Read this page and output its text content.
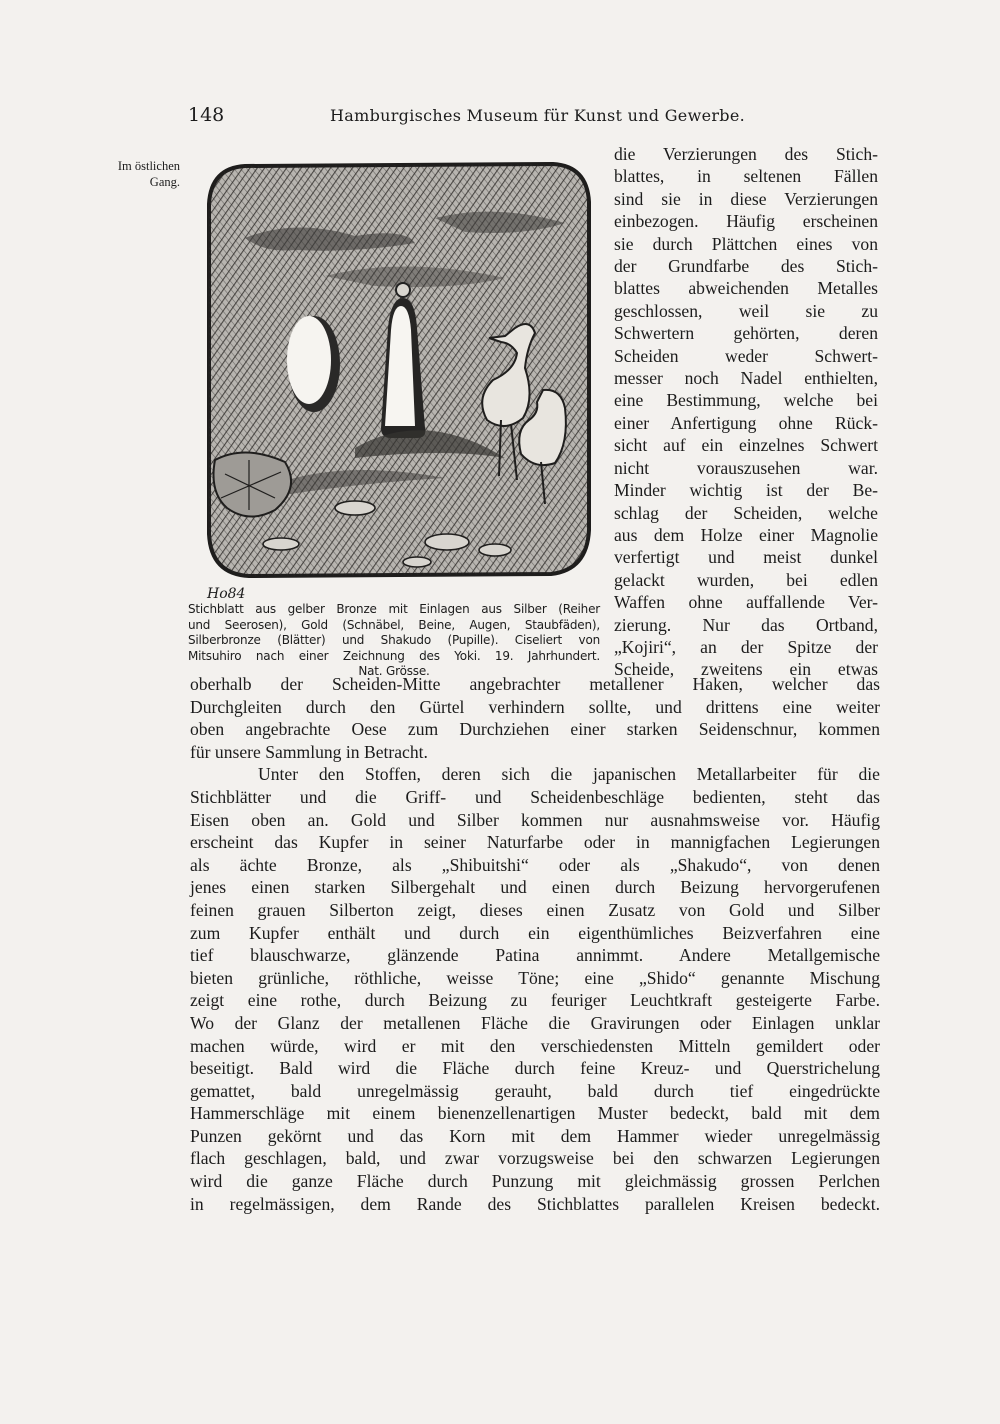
148	Hamburgisches Museum für Kunst und Gewerbe.
Im östlichen
Gang.
Ho84
Stichblatt aus gelber Bronze mit Einlagen aus Silber (Reiher
und Seerosen), Gold (Schnäbel, Beine, Augen, Staubfäden),
Silberbronze (Blätter) und Shakudo (Pupille). Ciseliert von
Mitsuhiro nach einer Zeichnung des Yoki. 19. Jahrhundert.
Nat. Grösse.
die Verzierungen des Stich-
blattes, in seltenen Fällen
sind sie in diese Verzierungen
einbezogen. Häufig erscheinen
sie durch Plättchen eines von
der Grundfarbe des Stich-
blattes abweichenden Metalles
geschlossen, weil sie zu
Schwertern gehörten, deren
Scheiden weder Schwert-
messer noch Nadel enthielten,
eine Bestimmung, welche bei
einer Anfertigung ohne Rück-
sicht auf ein einzelnes Schwert
nicht vorauszusehen war.
Minder wichtig ist der Be-
schlag der Scheiden, welche
aus dem Holze einer Magnolie
verfertigt und meist dunkel
gelackt wurden, bei edlen
Waffen ohne auffallende Ver-
zierung. Nur das Ortband,
„Kojiri“, an der Spitze der
Scheide, zweitens ein etwas
oberhalb der Scheiden-Mitte angebrachter metallener Haken, welcher das
Durchgleiten durch den Gürtel verhindern sollte, und drittens eine weiter
oben angebrachte Oese zum Durchziehen einer starken Seidenschnur, kommen
für unsere Sammlung in Betracht.
Unter den Stoffen, deren sich die japanischen Metallarbeiter für die
Stichblätter und die Griff- und Scheidenbeschläge bedienten, steht das
Eisen oben an. Gold und Silber kommen nur ausnahmsweise vor. Häufig
erscheint das Kupfer in seiner Naturfarbe oder in mannigfachen Legierungen
als ächte Bronze, als „Shibuitshi“ oder als „Shakudo“, von denen
jenes einen starken Silbergehalt und einen durch Beizung hervorgerufenen
feinen grauen Silberton zeigt, dieses einen Zusatz von Gold und Silber
zum Kupfer enthält und durch ein eigenthümliches Beizverfahren eine
tief blauschwarze, glänzende Patina annimmt. Andere Metallgemische
bieten grünliche, röthliche, weisse Töne; eine „Shido“ genannte Mischung
zeigt eine rothe, durch Beizung zu feuriger Leuchtkraft gesteigerte Farbe.
Wo der Glanz der metallenen Fläche die Gravirungen oder Einlagen unklar
machen würde, wird er mit den verschiedensten Mitteln gemildert oder
beseitigt. Bald wird die Fläche durch feine Kreuz- und Querstrichelung
gemattet, bald unregelmässig gerauht, bald durch tief eingedrückte
Hammerschläge mit einem bienenzellenartigen Muster bedeckt, bald mit dem
Punzen gekörnt und das Korn mit dem Hammer wieder unregelmässig
flach geschlagen, bald, und zwar vorzugsweise bei den schwarzen Legierungen
wird die ganze Fläche durch Punzung mit gleichmässig grossen Perlchen
in regelmässigen, dem Rande des Stichblattes parallelen Kreisen bedeckt.
